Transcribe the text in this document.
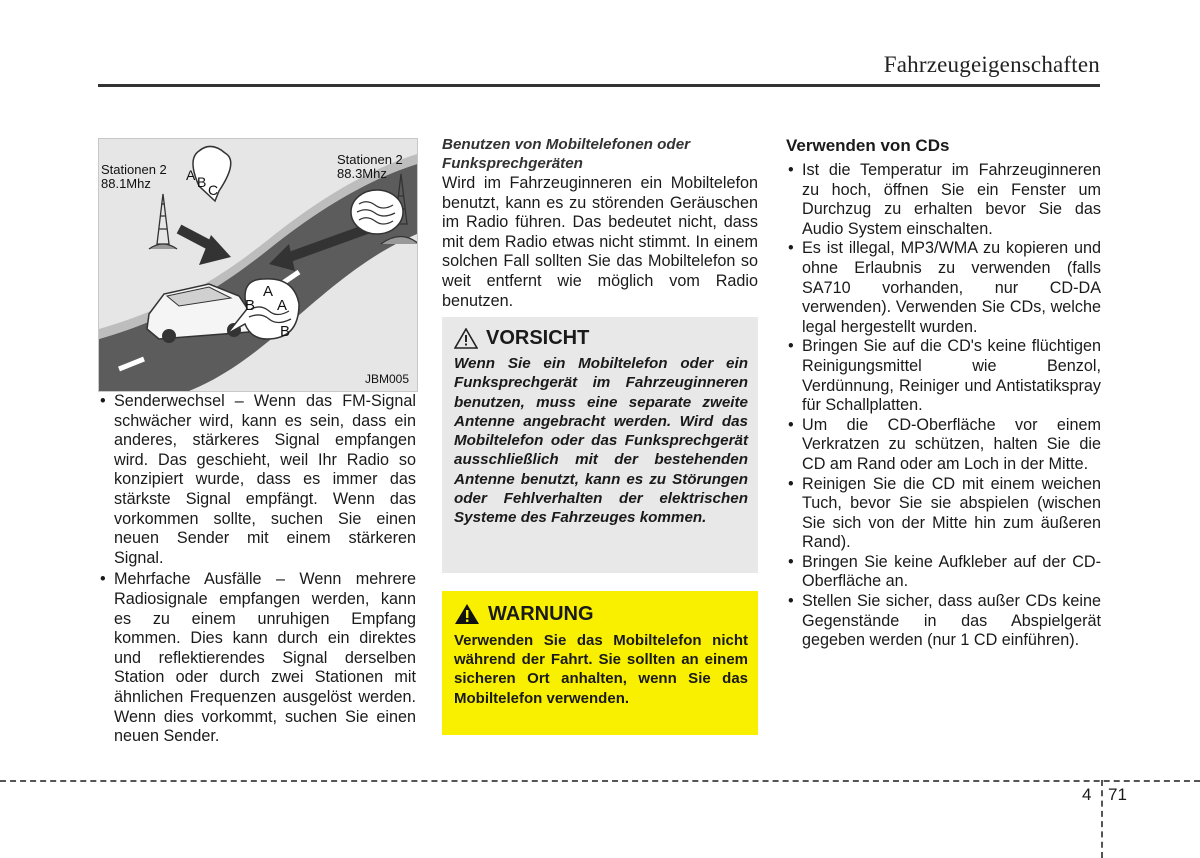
Fahrzeugeigenschaften
Stationen 2
88.1Mhz
Stationen 2
88.3Mhz
A B C
A
B A
B
JBM005
• Senderwechsel – Wenn das FM-Signal schwächer wird, kann es sein, dass ein anderes, stärkeres Signal empfangen wird. Das geschieht, weil Ihr Radio so konzipiert wurde, dass es immer das stärkste Signal empfängt. Wenn das vorkommen sollte, suchen Sie einen neuen Sender mit einem stärkeren Signal.
• Mehrfache Ausfälle – Wenn mehrere Radiosignale empfangen werden, kann es zu einem unruhigen Empfang kommen. Dies kann durch ein direktes und reflektierendes Signal derselben Station oder durch zwei Stationen mit ähnlichen Frequenzen ausgelöst werden. Wenn dies vorkommt, suchen Sie einen neuen Sender.

Benutzen von Mobiltelefonen oder Funksprechgeräten

Wird im Fahrzeuginneren ein Mobiltelefon benutzt, kann es zu störenden Geräuschen im Radio führen. Das bedeutet nicht, dass mit dem Radio etwas nicht stimmt. In einem solchen Fall sollten Sie das Mobiltelefon so weit entfernt wie möglich vom Radio benutzen.

VORSICHT
Wenn Sie ein Mobiltelefon oder ein Funksprechgerät im Fahrzeuginneren benutzen, muss eine separate zweite Antenne angebracht werden. Wird das Mobiltelefon oder das Funksprechgerät ausschließlich mit der bestehenden Antenne benutzt, kann es zu Störungen oder Fehlverhalten der elektrischen Systeme des Fahrzeuges kommen.
WARNUNG
Verwenden Sie das Mobiltelefon nicht während der Fahrt. Sie sollten an einem sicheren Ort anhalten, wenn Sie das Mobiltelefon verwenden.
Verwenden von CDs
• Ist die Temperatur im Fahrzeuginneren zu hoch, öffnen Sie ein Fenster um Durchzug zu erhalten bevor Sie das Audio System einschalten.
• Es ist illegal, MP3/WMA zu kopieren und ohne Erlaubnis zu verwenden (falls SA710 vorhanden, nur CD-DA verwenden). Verwenden Sie CDs, welche legal hergestellt wurden.
• Bringen Sie auf die CD's keine flüchtigen Reinigungsmittel wie Benzol, Verdünnung, Reiniger und Antistatikspray für Schallplatten.
• Um die CD-Oberfläche vor einem Verkratzen zu schützen, halten Sie die CD am Rand oder am Loch in der Mitte.
• Reinigen Sie die CD mit einem weichen Tuch, bevor Sie sie abspielen (wischen Sie sich von der Mitte hin zum äußeren Rand).
• Bringen Sie keine Aufkleber auf der CD-Oberfläche an.
• Stellen Sie sicher, dass außer CDs keine Gegenstände in das Abspielgerät gegeben werden (nur 1 CD einführen).
4 71
